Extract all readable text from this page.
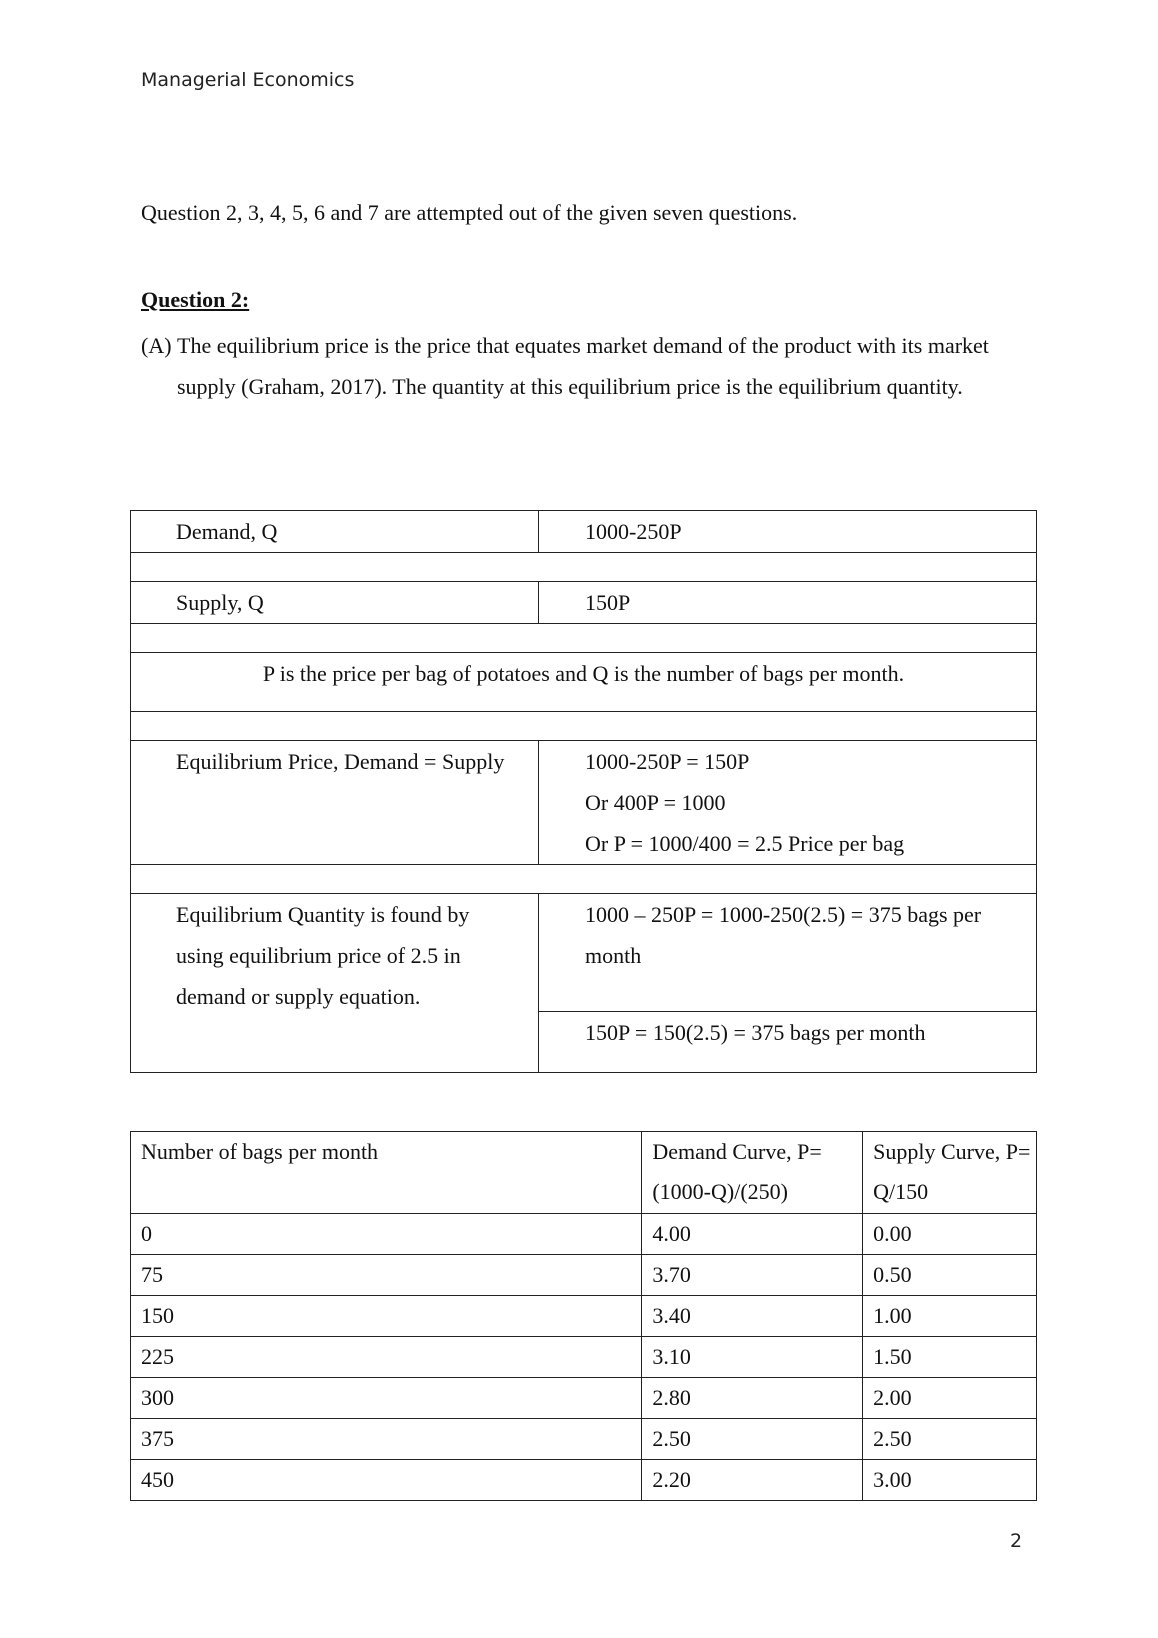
Managerial Economics
Question 2, 3, 4, 5, 6 and 7 are attempted out of the given seven questions.
Question 2:
(A) The equilibrium price is the price that equates market demand of the product with its market supply (Graham, 2017). The quantity at this equilibrium price is the equilibrium quantity.
Demand, Q	1000-250P

Supply, Q	150P

P is the price per bag of potatoes and Q is the number of bags per month.	

Equilibrium Price, Demand = Supply	1000-250P = 150P
Or 400P = 1000
Or P = 1000/400 = 2.5 Price per bag

Equilibrium Quantity is found by using equilibrium price of 2.5 in demand or supply equation.	1000 – 250P = 1000-250(2.5) = 375 bags per month

	150P = 150(2.5) = 375 bags per month
Number of bags per month	Demand Curve, P= (1000-Q)/(250)	Supply Curve, P= Q/150
0	4.00	0.00
75	3.70	0.50
150	3.40	1.00
225	3.10	1.50
300	2.80	2.00
375	2.50	2.50
450	2.20	3.00
2
